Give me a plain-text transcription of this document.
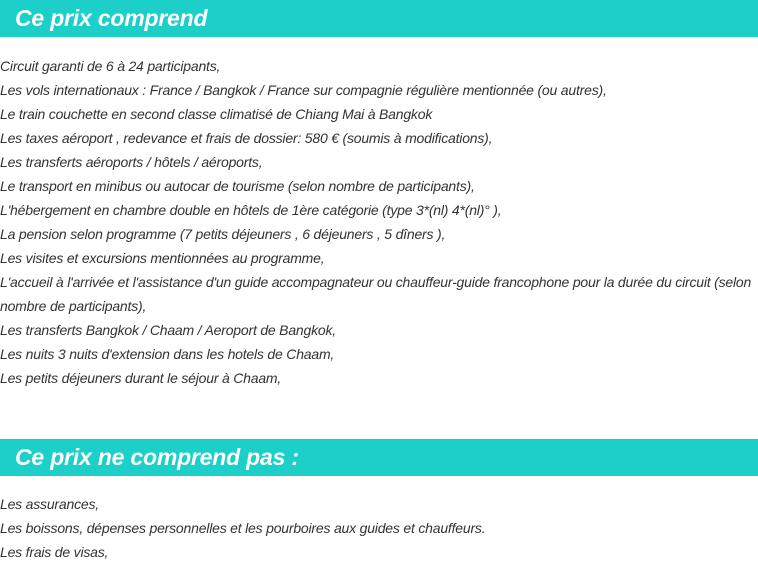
Ce prix comprend
Circuit garanti de 6 à 24 participants,
Les vols internationaux : France / Bangkok / France sur compagnie régulière mentionnée (ou autres),
Le train couchette en second classe climatisé de Chiang Mai à Bangkok
Les taxes aéroport , redevance et frais de dossier: 580 € (soumis à modifications),
Les transferts aéroports / hôtels / aéroports,
Le transport en minibus ou autocar de tourisme (selon nombre de participants),
L'hébergement en chambre double en hôtels de 1ère catégorie (type 3*(nl) 4*(nl)° ),
La pension selon programme (7 petits déjeuners , 6 déjeuners , 5 dîners ),
Les visites et excursions mentionnées au programme,
L'accueil à l'arrivée et l'assistance d'un guide accompagnateur ou chauffeur-guide francophone pour la durée du circuit (selon nombre de participants),
Les transferts Bangkok / Chaam / Aeroport de Bangkok,
Les nuits 3 nuits d'extension dans les hotels de Chaam,
Les petits déjeuners durant le séjour à Chaam,
Ce prix ne comprend pas :
Les assurances,
Les boissons, dépenses personnelles et les pourboires aux guides et chauffeurs.
Les frais de visas,
